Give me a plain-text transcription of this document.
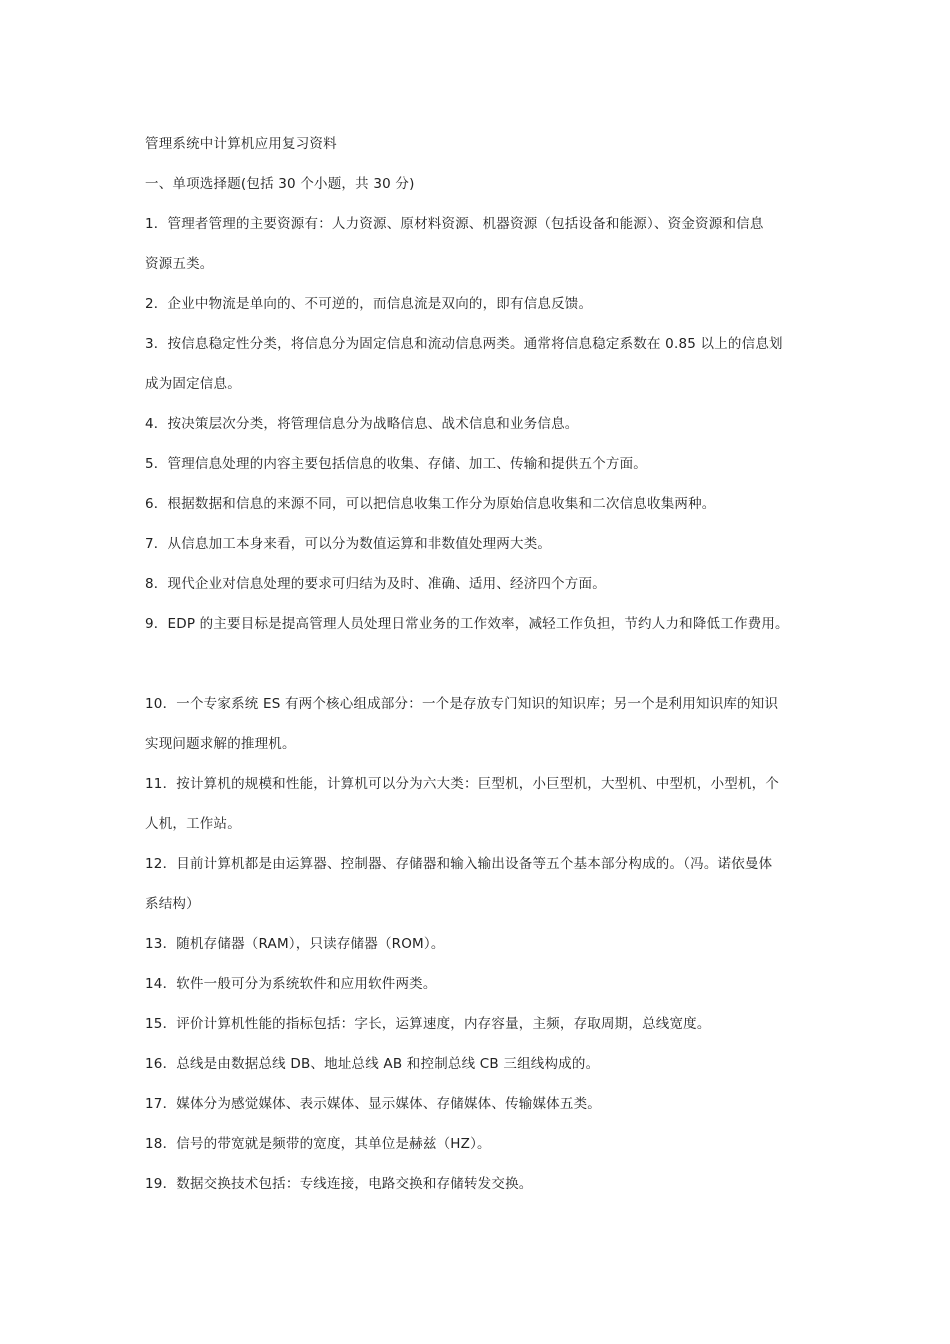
管理系统中计算机应用复习资料
一、单项选择题(包括 30 个小题，共 30 分)
1．管理者管理的主要资源有：人力资源、原材料资源、机器资源（包括设备和能源）、资金资源和信息
资源五类。
2．企业中物流是单向的、不可逆的，而信息流是双向的，即有信息反馈。
3．按信息稳定性分类，将信息分为固定信息和流动信息两类。通常将信息稳定系数在 0.85 以上的信息划
成为固定信息。
4．按决策层次分类，将管理信息分为战略信息、战术信息和业务信息。
5．管理信息处理的内容主要包括信息的收集、存储、加工、传输和提供五个方面。
6．根据数据和信息的来源不同，可以把信息收集工作分为原始信息收集和二次信息收集两种。
7．从信息加工本身来看，可以分为数值运算和非数值处理两大类。
8．现代企业对信息处理的要求可归结为及时、准确、适用、经济四个方面。
9．EDP 的主要目标是提高管理人员处理日常业务的工作效率，减轻工作负担，节约人力和降低工作费用。
10．一个专家系统 ES 有两个核心组成部分：一个是存放专门知识的知识库；另一个是利用知识库的知识
实现问题求解的推理机。
11．按计算机的规模和性能，计算机可以分为六大类：巨型机，小巨型机，大型机、中型机，小型机，个
人机，工作站。
12．目前计算机都是由运算器、控制器、存储器和输入输出设备等五个基本部分构成的。（冯。诺依曼体
系结构）
13．随机存储器（RAM），只读存储器（ROM）。
14．软件一般可分为系统软件和应用软件两类。
15．评价计算机性能的指标包括：字长，运算速度，内存容量，主频，存取周期，总线宽度。
16．总线是由数据总线 DB、地址总线 AB 和控制总线 CB 三组线构成的。
17．媒体分为感觉媒体、表示媒体、显示媒体、存储媒体、传输媒体五类。
18．信号的带宽就是频带的宽度，其单位是赫兹（HZ）。
19．数据交换技术包括：专线连接，电路交换和存储转发交换。
